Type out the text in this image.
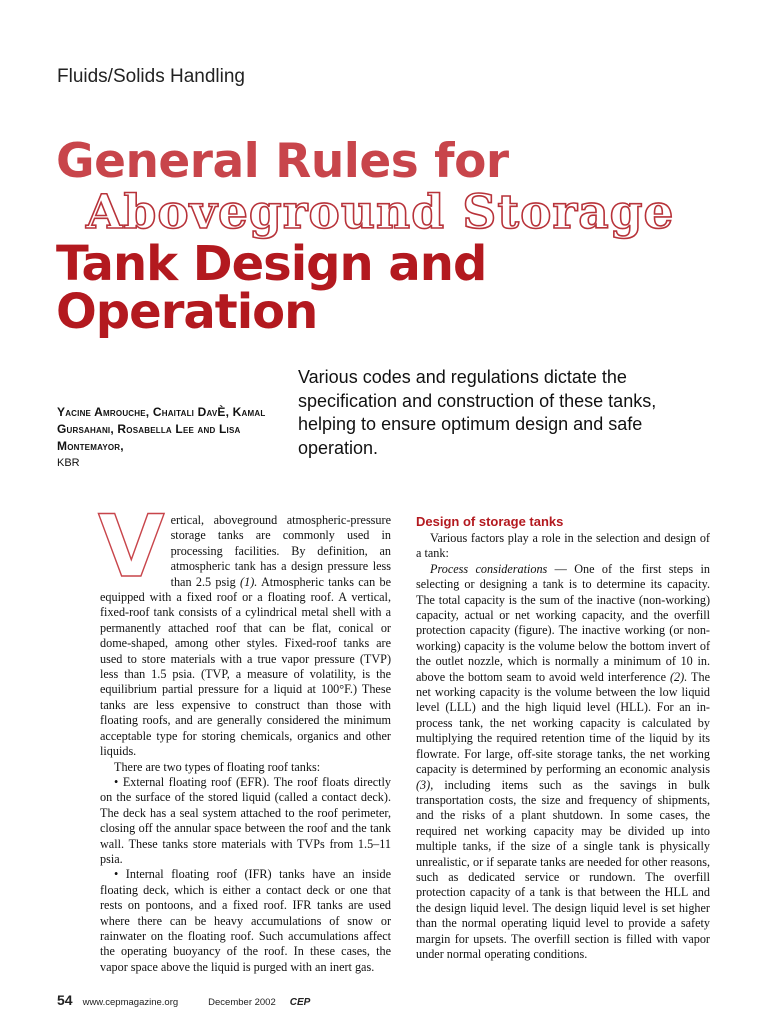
Fluids/Solids Handling
General Rules for
Aboveground Storage
Tank Design and Operation
Yacine Amrouche, Chaitali DavÈ, Kamal Gursahani, Rosabella Lee and Lisa Montemayor,
KBR
Various codes and regulations dictate the specification and construction of these tanks, helping to ensure optimum design and safe operation.

Vertical, aboveground atmospheric-pressure storage tanks are commonly used in processing facilities. By definition, an atmospheric tank has a design pressure less than 2.5 psig (1). Atmospheric tanks can be equipped with a fixed roof or a floating roof. A vertical, fixed-roof tank consists of a cylindrical metal shell with a permanently attached roof that can be flat, conical or dome-shaped, among other styles. Fixed-roof tanks are used to store materials with a true vapor pressure (TVP) less than 1.5 psia. (TVP, a measure of volatility, is the equilibrium partial pressure for a liquid at 100°F.) These tanks are less expensive to construct than those with floating roofs, and are generally considered the minimum acceptable type for storing chemicals, organics and other liquids.

There are two types of floating roof tanks:

• External floating roof (EFR). The roof floats directly on the surface of the stored liquid (called a contact deck). The deck has a seal system attached to the roof perimeter, closing off the annular space between the roof and the tank wall. These tanks store materials with TVPs from 1.5–11 psia.

• Internal floating roof (IFR) tanks have an inside floating deck, which is either a contact deck or one that rests on pontoons, and a fixed roof. IFR tanks are used where there can be heavy accumulations of snow or rainwater on the floating roof. Such accumulations affect the operating buoyancy of the roof. In these cases, the vapor space above the liquid is purged with an inert gas.

Design of storage tanks

Various factors play a role in the selection and design of a tank:

Process considerations — One of the first steps in selecting or designing a tank is to determine its capacity. The total capacity is the sum of the inactive (non-working) capacity, actual or net working capacity, and the overfill protection capacity (figure). The inactive working (or non-working) capacity is the volume below the bottom invert of the outlet nozzle, which is normally a minimum of 10 in. above the bottom seam to avoid weld interference (2). The net working capacity is the volume between the low liquid level (LLL) and the high liquid level (HLL). For an in-process tank, the net working capacity is calculated by multiplying the required retention time of the liquid by its flowrate. For large, off-site storage tanks, the net working capacity is determined by performing an economic analysis (3), including items such as the savings in bulk transportation costs, the size and frequency of shipments, and the risks of a plant shutdown. In some cases, the required net working capacity may be divided up into multiple tanks, if the size of a single tank is physically unrealistic, or if separate tanks are needed for other reasons, such as dedicated service or rundown. The overfill protection capacity of a tank is that between the HLL and the design liquid level. The design liquid level is set higher than the normal operating liquid level to provide a safety margin for upsets. The overfill section is filled with vapor under normal operating conditions.

54 www.cepmagazine.org	December 2002 CEP
